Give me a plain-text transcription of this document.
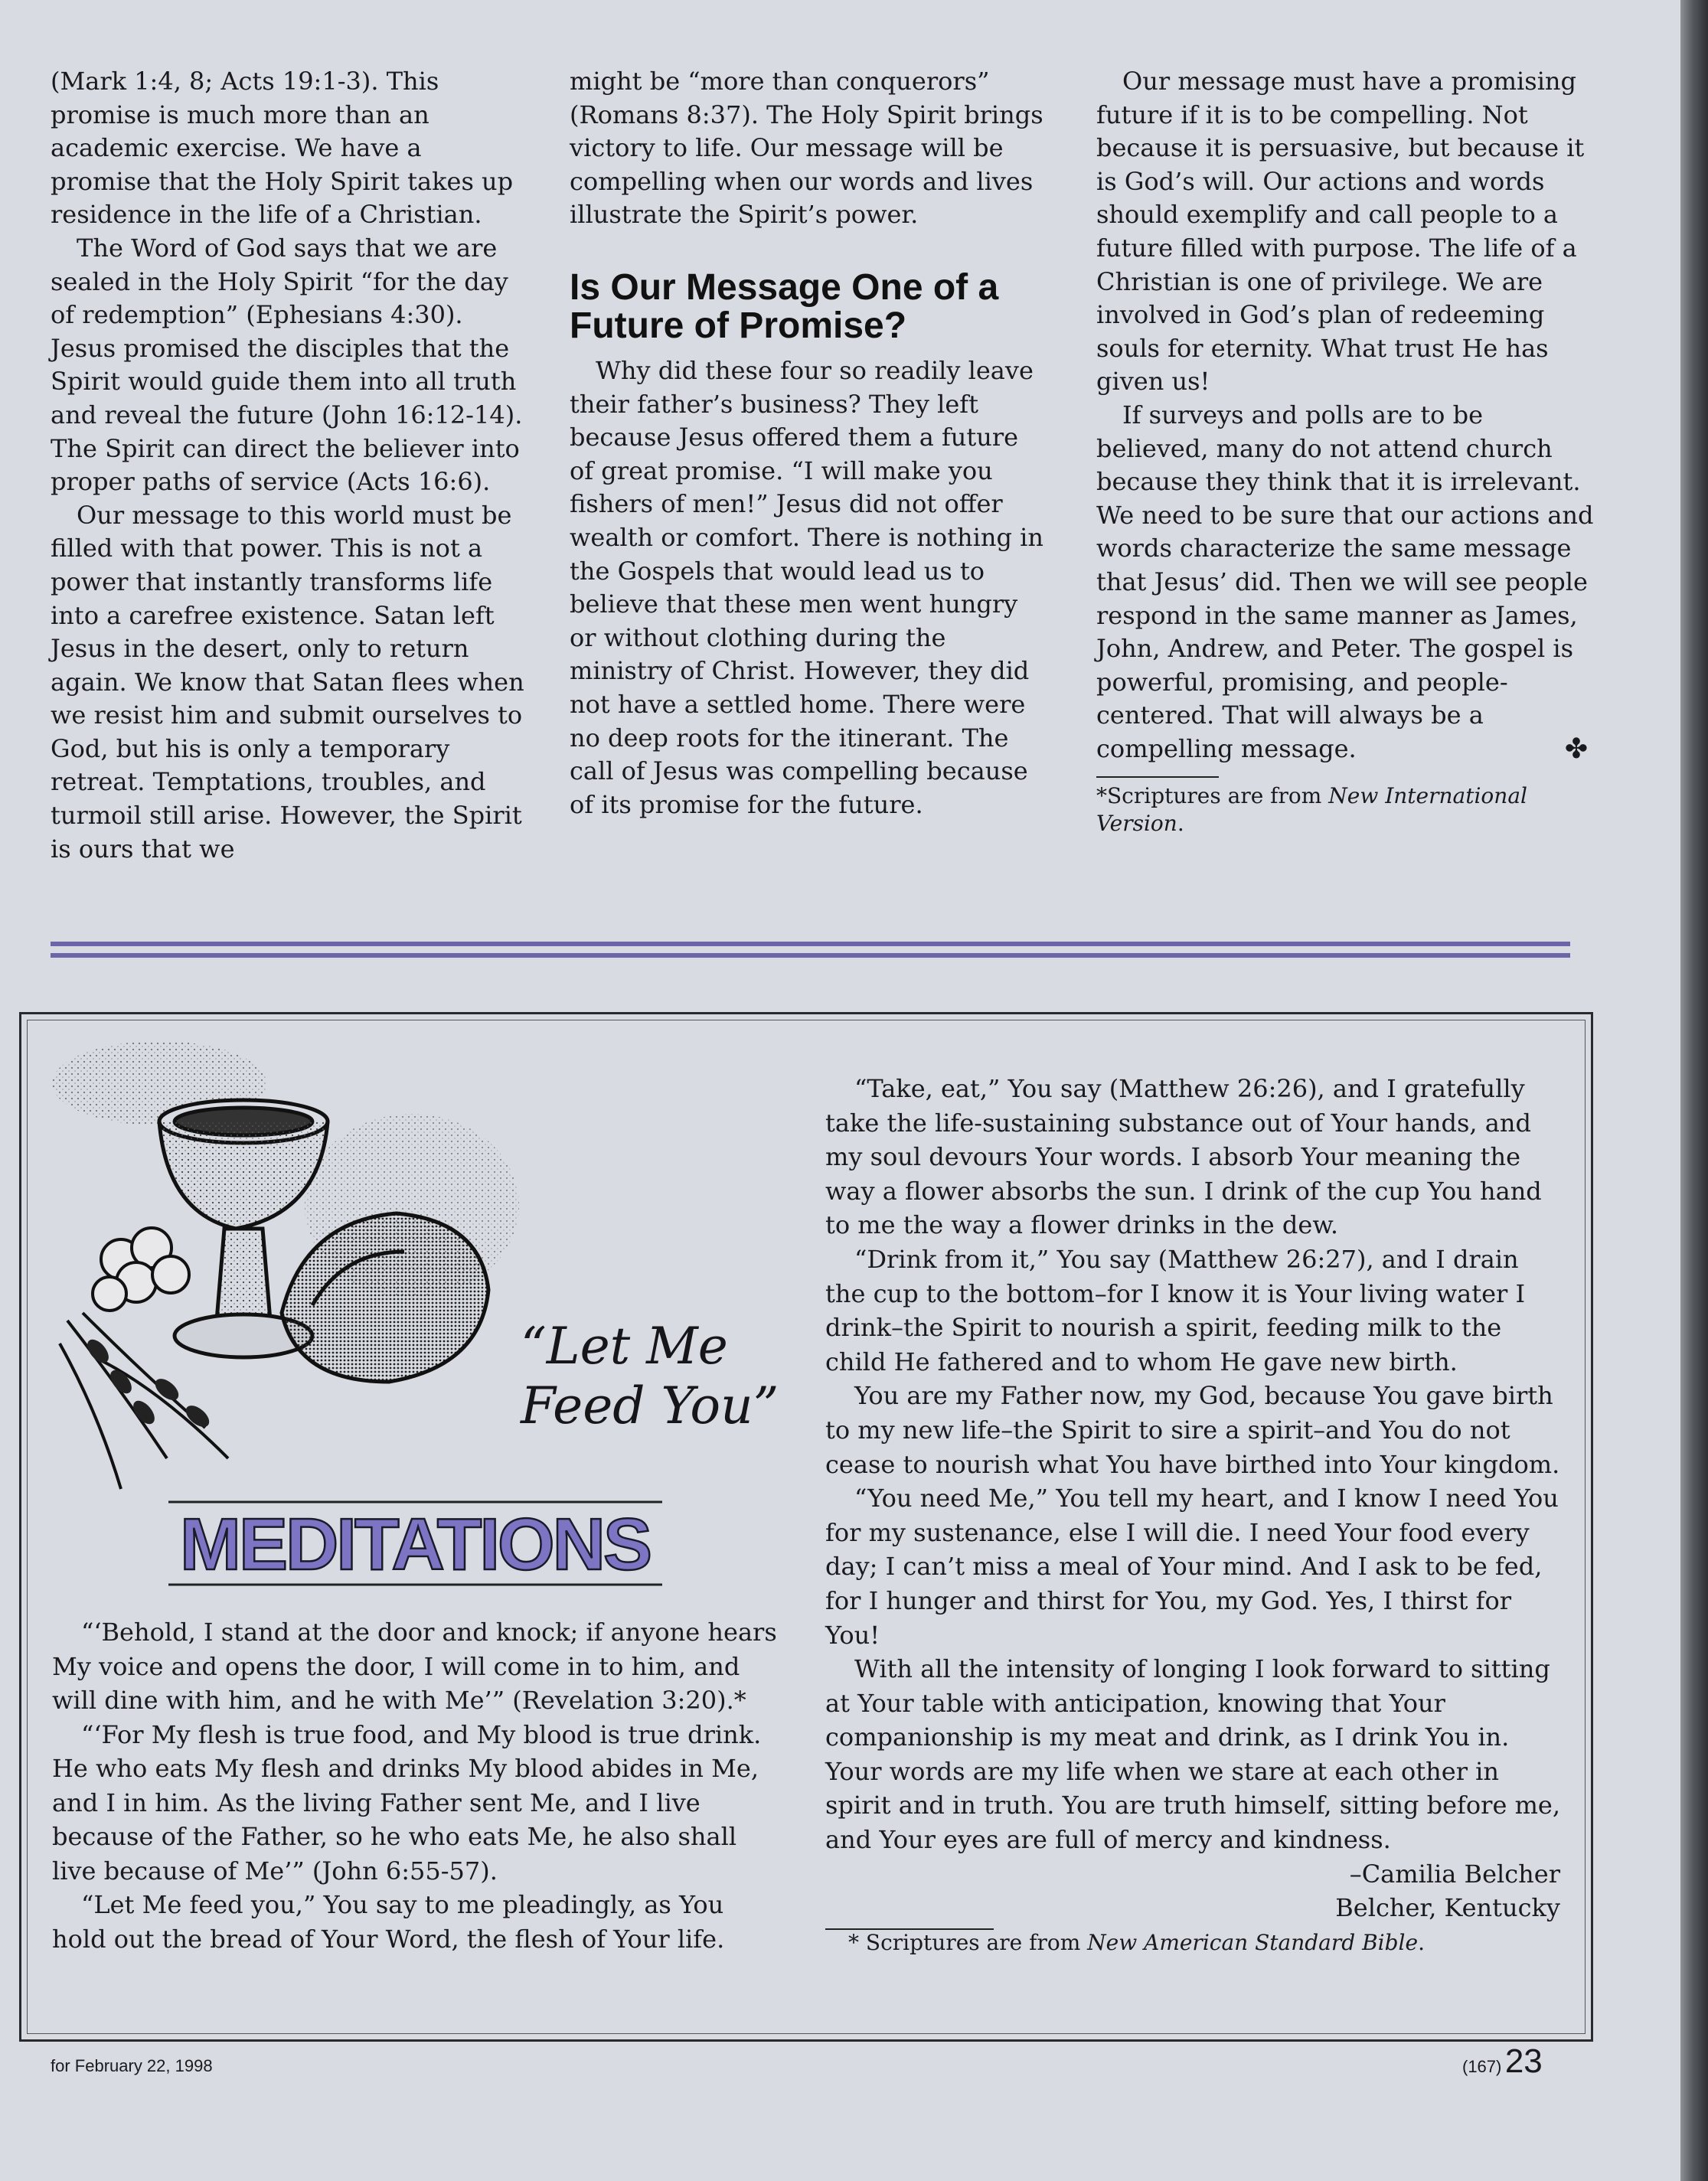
(Mark 1:4, 8; Acts 19:1-3). This promise is much more than an academic exercise. We have a promise that the Holy Spirit takes up residence in the life of a Christian.

The Word of God says that we are sealed in the Holy Spirit “for the day of redemption” (Ephesians 4:30). Jesus promised the disciples that the Spirit would guide them into all truth and reveal the future (John 16:12-14). The Spirit can direct the believer into proper paths of service (Acts 16:6).

Our message to this world must be filled with that power. This is not a power that instantly transforms life into a carefree existence. Satan left Jesus in the desert, only to return again. We know that Satan flees when we resist him and submit ourselves to God, but his is only a temporary retreat. Temptations, troubles, and turmoil still arise. However, the Spirit is ours that we

might be “more than conquerors” (Romans 8:37). The Holy Spirit brings victory to life. Our message will be compelling when our words and lives illustrate the Spirit’s power.

Is Our Message One of a Future of Promise?

Why did these four so readily leave their father’s business? They left because Jesus offered them a future of great promise. “I will make you fishers of men!” Jesus did not offer wealth or comfort. There is nothing in the Gospels that would lead us to believe that these men went hungry or without clothing during the ministry of Christ. However, they did not have a settled home. There were no deep roots for the itinerant. The call of Jesus was compelling because of its promise for the future.

Our message must have a promising future if it is to be compelling. Not because it is persuasive, but because it is God’s will. Our actions and words should exemplify and call people to a future filled with purpose. The life of a Christian is one of privilege. We are involved in God’s plan of redeeming souls for eternity. What trust He has given us!

If surveys and polls are to be believed, many do not attend church because they think that it is irrelevant. We need to be sure that our actions and words characterize the same message that Jesus’ did. Then we will see people respond in the same manner as James, John, Andrew, and Peter. The gospel is powerful, promising, and people-centered. That will always be a compelling message.	✤

*Scriptures are from New International Version.

“Let Me
Feed You”
MEDITATIONS

“‘Behold, I stand at the door and knock; if anyone hears My voice and opens the door, I will come in to him, and will dine with him, and he with Me’” (Revelation 3:20).*

“‘For My flesh is true food, and My blood is true drink. He who eats My flesh and drinks My blood abides in Me, and I in him. As the living Father sent Me, and I live because of the Father, so he who eats Me, he also shall live because of Me’” (John 6:55-57).

“Let Me feed you,” You say to me pleadingly, as You hold out the bread of Your Word, the flesh of Your life.

“Take, eat,” You say (Matthew 26:26), and I gratefully take the life-sustaining substance out of Your hands, and my soul devours Your words. I absorb Your meaning the way a flower absorbs the sun. I drink of the cup You hand to me the way a flower drinks in the dew.

“Drink from it,” You say (Matthew 26:27), and I drain the cup to the bottom–for I know it is Your living water I drink–the Spirit to nourish a spirit, feeding milk to the child He fathered and to whom He gave new birth.

You are my Father now, my God, because You gave birth to my new life–the Spirit to sire a spirit–and You do not cease to nourish what You have birthed into Your kingdom.

“You need Me,” You tell my heart, and I know I need You for my sustenance, else I will die. I need Your food every day; I can’t miss a meal of Your mind. And I ask to be fed, for I hunger and thirst for You, my God. Yes, I thirst for You!

With all the intensity of longing I look forward to sitting at Your table with anticipation, knowing that Your companionship is my meat and drink, as I drink You in. Your words are my life when we stare at each other in spirit and in truth. You are truth himself, sitting before me, and Your eyes are full of mercy and kindness.

–Camilia Belcher

Belcher, Kentucky

* Scriptures are from New American Standard Bible.

for February 22, 1998	(167) 23
